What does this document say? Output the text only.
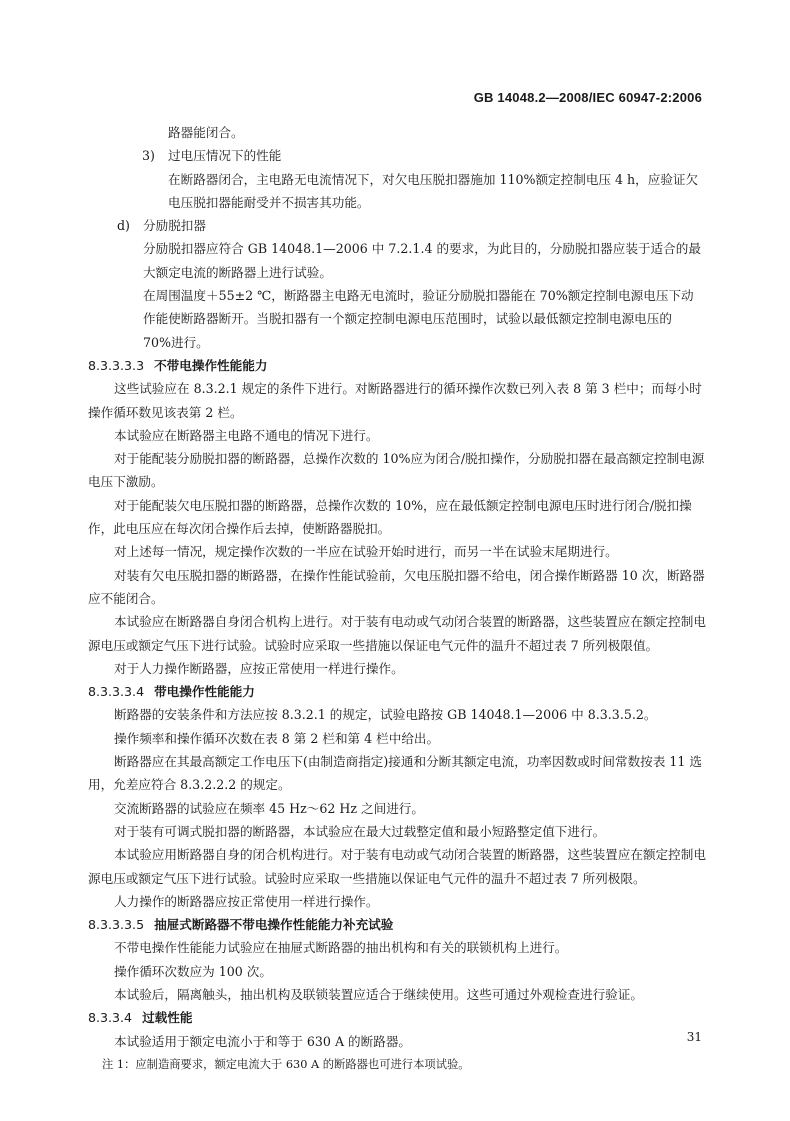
GB 14048.2—2008/IEC 60947-2:2006

路器能闭合。

3) 过电压情况下的性能

在断路器闭合，主电路无电流情况下，对欠电压脱扣器施加 110%额定控制电压 4 h，应验证欠电压脱扣器能耐受并不损害其功能。

d) 分励脱扣器

分励脱扣器应符合 GB 14048.1—2006 中 7.2.1.4 的要求，为此目的，分励脱扣器应装于适合的最大额定电流的断路器上进行试验。

在周围温度＋55±2 ℃，断路器主电路无电流时，验证分励脱扣器能在 70%额定控制电源电压下动作能使断路器断开。当脱扣器有一个额定控制电源电压范围时，试验以最低额定控制电源电压的 70%进行。

8.3.3.3.3 不带电操作性能能力

这些试验应在 8.3.2.1 规定的条件下进行。对断路器进行的循环操作次数已列入表 8 第 3 栏中；而每小时操作循环数见该表第 2 栏。

本试验应在断路器主电路不通电的情况下进行。

对于能配装分励脱扣器的断路器，总操作次数的 10%应为闭合/脱扣操作，分励脱扣器在最高额定控制电源电压下激励。

对于能配装欠电压脱扣器的断路器，总操作次数的 10%，应在最低额定控制电源电压时进行闭合/脱扣操作，此电压应在每次闭合操作后去掉，使断路器脱扣。

对上述每一情况，规定操作次数的一半应在试验开始时进行，而另一半在试验末尾期进行。

对装有欠电压脱扣器的断路器，在操作性能试验前，欠电压脱扣器不给电，闭合操作断路器 10 次，断路器应不能闭合。

本试验应在断路器自身闭合机构上进行。对于装有电动或气动闭合装置的断路器，这些装置应在额定控制电源电压或额定气压下进行试验。试验时应采取一些措施以保证电气元件的温升不超过表 7 所列极限值。

对于人力操作断路器，应按正常使用一样进行操作。

8.3.3.3.4 带电操作性能能力

断路器的安装条件和方法应按 8.3.2.1 的规定，试验电路按 GB 14048.1—2006 中 8.3.3.5.2。

操作频率和操作循环次数在表 8 第 2 栏和第 4 栏中给出。

断路器应在其最高额定工作电压下(由制造商指定)接通和分断其额定电流，功率因数或时间常数按表 11 选用，允差应符合 8.3.2.2.2 的规定。

交流断路器的试验应在频率 45 Hz～62 Hz 之间进行。

对于装有可调式脱扣器的断路器，本试验应在最大过载整定值和最小短路整定值下进行。

本试验应用断路器自身的闭合机构进行。对于装有电动或气动闭合装置的断路器，这些装置应在额定控制电源电压或额定气压下进行试验。试验时应采取一些措施以保证电气元件的温升不超过表 7 所列极限。

人力操作的断路器应按正常使用一样进行操作。

8.3.3.3.5 抽屉式断路器不带电操作性能能力补充试验

不带电操作性能能力试验应在抽屉式断路器的抽出机构和有关的联锁机构上进行。

操作循环次数应为 100 次。

本试验后，隔离触头，抽出机构及联锁装置应适合于继续使用。这些可通过外观检查进行验证。

8.3.3.4 过载性能

本试验适用于额定电流小于和等于 630 A 的断路器。

注 1：应制造商要求，额定电流大于 630 A 的断路器也可进行本项试验。

31
